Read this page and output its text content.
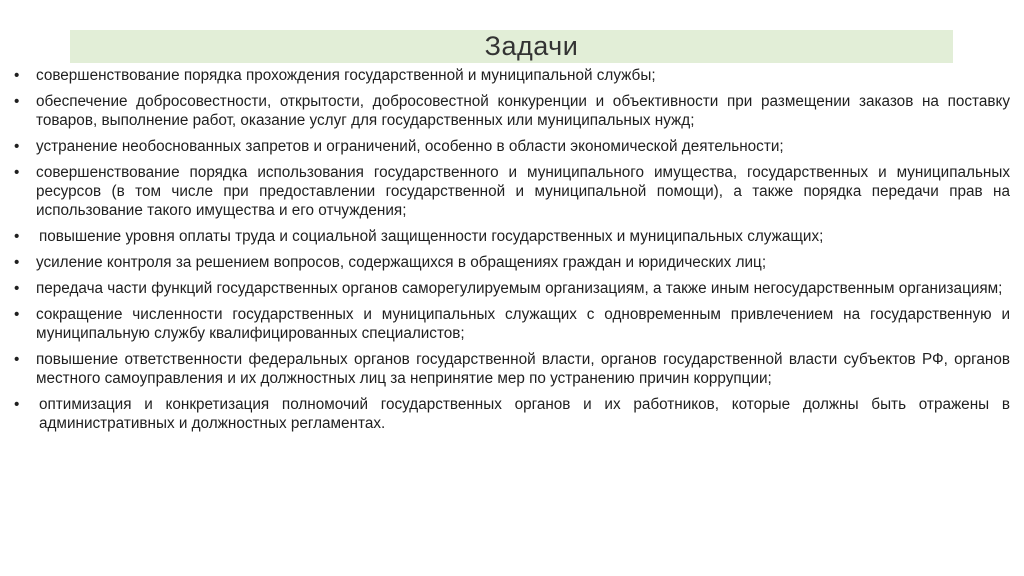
Задачи
•	совершенствование порядка прохождения государственной и муниципальной службы;
•	обеспечение добросовестности, открытости, добросовестной конкуренции и объективности при размещении заказов на поставку товаров, выполнение работ, оказание услуг для государственных или муниципальных нужд;
•	устранение необоснованных запретов и ограничений, особенно в области экономической деятельности;
•	совершенствование порядка использования государственного и муниципального имущества, государственных и муниципальных ресурсов (в том числе при предоставлении государственной и муниципальной помощи), а также порядка передачи прав на использование такого имущества и его отчуждения;
•	повышение уровня оплаты труда и социальной защищенности государственных и муниципальных служащих;
•	усиление контроля за решением вопросов, содержащихся в обращениях граждан и юридических лиц;
•	передача части функций государственных органов саморегулируемым организациям, а также иным негосударственным организациям;
•	сокращение численности государственных и муниципальных служащих с одновременным привлечением на государственную и муниципальную службу квалифицированных специалистов;
•	повышение ответственности федеральных органов государственной власти, органов государственной власти субъектов РФ, органов местного самоуправления и их должностных лиц за непринятие мер по устранению причин коррупции;
•	оптимизация и конкретизация полномочий государственных органов и их работников, которые должны быть отражены в административных и должностных регламентах.
